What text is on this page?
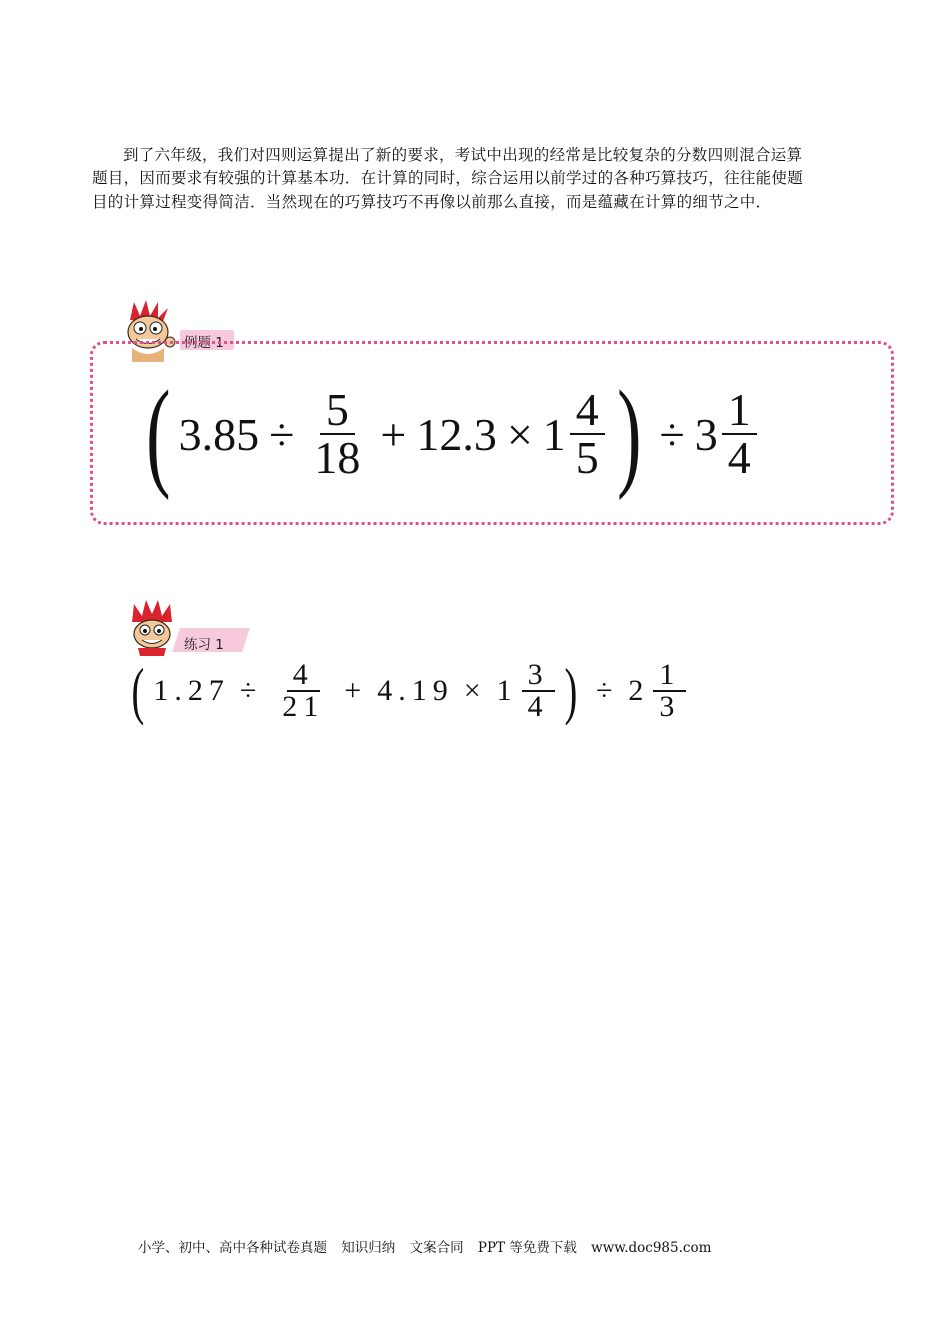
到了六年级，我们对四则运算提出了新的要求，考试中出现的经常是比较复杂的分数四则混合运算题目，因而要求有较强的计算基本功．在计算的同时，综合运用以前学过的各种巧算技巧，往往能使题目的计算过程变得简洁．当然现在的巧算技巧不再像以前那么直接，而是蕴藏在计算的细节之中．

例题 1
( $3.85 \div \frac{5}{18} + 12.3 \times 1 \frac{4}{5}$ ) ÷ $3 \frac{1}{4}$
练习 1
( $1.27 \div \frac{4}{21} + 4.19 \times 1 \frac{3}{4}$ ) ÷ $2 \frac{1}{3}$
小学、初中、高中各种试卷真题 知识归纳 文案合同 PPT 等免费下载 www.doc985.com
